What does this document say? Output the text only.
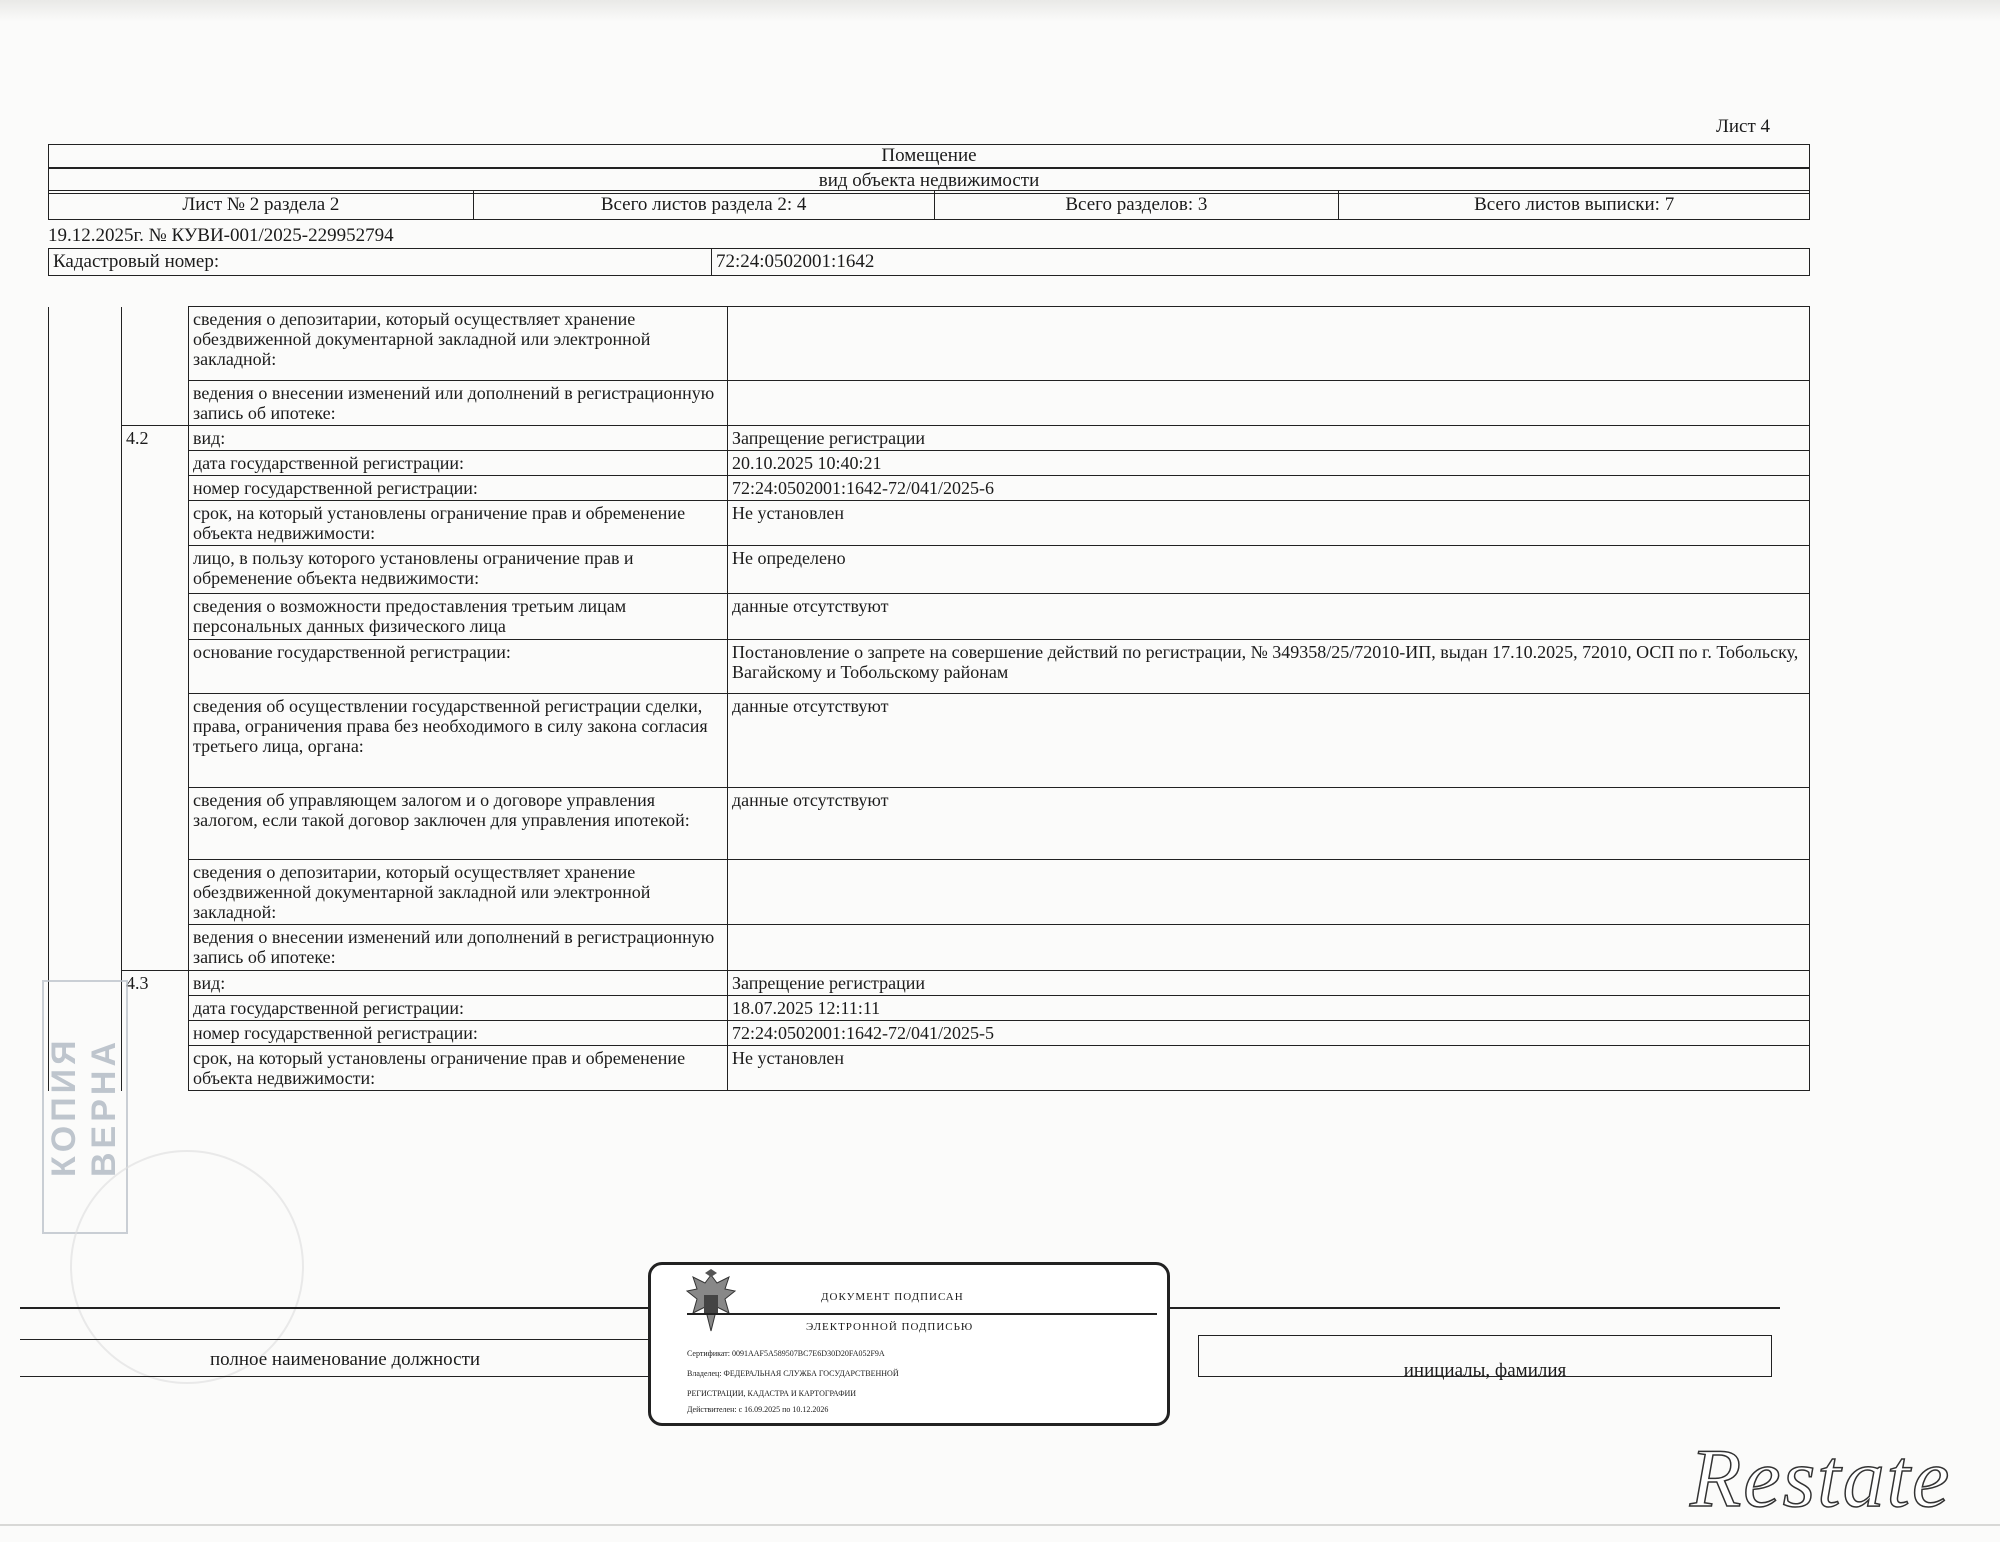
Лист 4
Помещение
вид объекта недвижимости
Лист № 2 раздела 2	Всего листов раздела 2: 4	Всего разделов: 3	Всего листов выписки: 7
19.12.2025г. № КУВИ-001/2025-229952794
Кадастровый номер:	72:24:0502001:1642
		сведения о депозитарии, который осуществляет хранение обездвиженной документарной закладной или электронной закладной:	
		ведения о внесении изменений или дополнений в регистрационную запись об ипотеке:	
	4.2	вид:	Запрещение регистрации
		дата государственной регистрации:	20.10.2025 10:40:21
		номер государственной регистрации:	72:24:0502001:1642-72/041/2025-6
		срок, на который установлены ограничение прав и обременение объекта недвижимости:	Не установлен
		лицо, в пользу которого установлены ограничение прав и обременение объекта недвижимости:	Не определено
		сведения о возможности предоставления третьим лицам персональных данных физического лица	данные отсутствуют
		основание государственной регистрации:	Постановление о запрете на совершение действий по регистрации, № 349358/25/72010-ИП, выдан 17.10.2025, 72010, ОСП по г. Тобольску, Вагайскому и Тобольскому районам
		сведения об осуществлении государственной регистрации сделки, права, ограничения права без необходимого в силу закона согласия третьего лица, органа:	данные отсутствуют
		сведения об управляющем залогом и о договоре управления залогом, если такой договор заключен для управления ипотекой:	данные отсутствуют
		сведения о депозитарии, который осуществляет хранение обездвиженной документарной закладной или электронной закладной:	
		ведения о внесении изменений или дополнений в регистрационную запись об ипотеке:	
	4.3	вид:	Запрещение регистрации
		дата государственной регистрации:	18.07.2025 12:11:11
		номер государственной регистрации:	72:24:0502001:1642-72/041/2025-5
		срок, на который установлены ограничение прав и обременение объекта недвижимости:	Не установлен
КОПИЯ ВЕРНА
полное наименование должности
инициалы, фамилия
ДОКУМЕНТ ПОДПИСАН
ЭЛЕКТРОННОЙ ПОДПИСЬЮ
Сертификат: 0091AAF5A589507BC7E6D30D20FA052F9A
Владелец: ФЕДЕРАЛЬНАЯ СЛУЖБА ГОСУДАРСТВЕННОЙ
РЕГИСТРАЦИИ, КАДАСТРА И КАРТОГРАФИИ
Действителен: с 16.09.2025 по 10.12.2026
Restate
